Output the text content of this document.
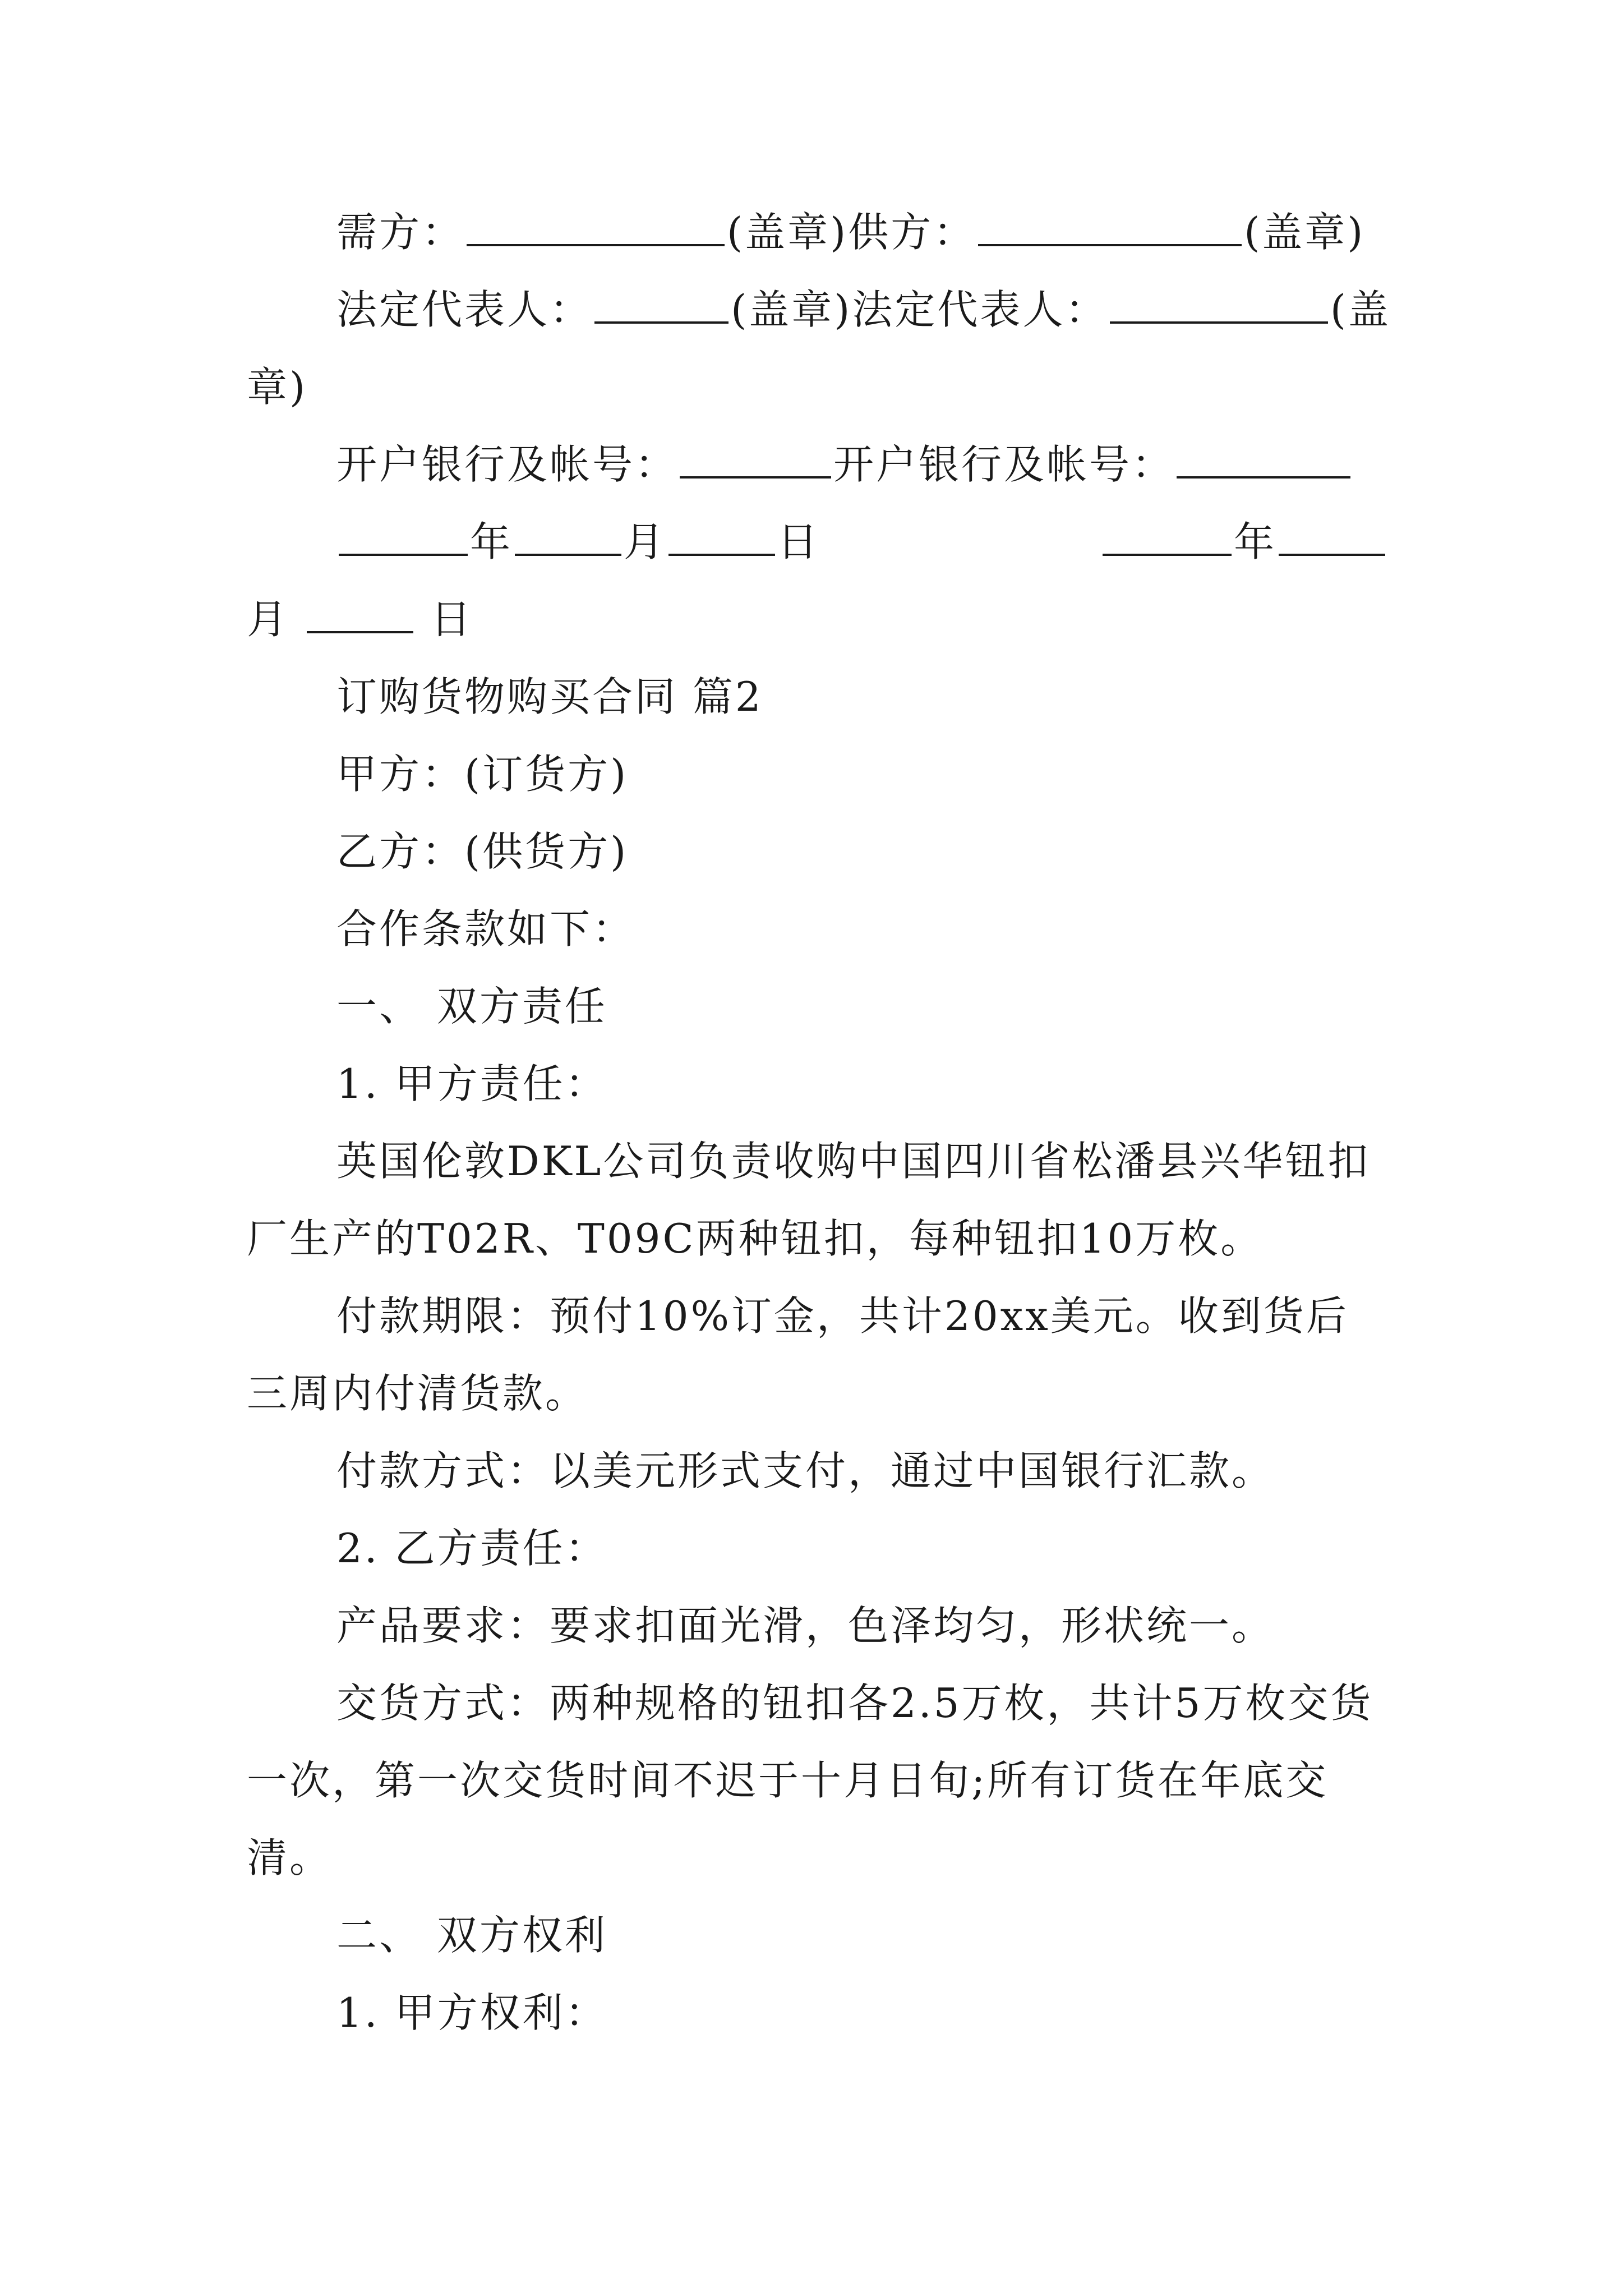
需方：	(盖章) 供方：	(盖章)
法定代表人：	(盖章) 法定代表人：	(盖
章)
开户银行及帐号：	开户银行及帐号：
年	月	日	年
月	日

订购货物购买合同 篇2

甲方：(订货方)

乙方：(供货方)

合作条款如下：

一、 双方责任

1. 甲方责任：

英国伦敦DKL公司负责收购中国四川省松潘县兴华钮扣厂生产的T02R、T09C两种钮扣，每种钮扣10万枚。

付款期限：预付10%订金，共计20xx美元。收到货后三周内付清货款。

付款方式：以美元形式支付，通过中国银行汇款。

2. 乙方责任：

产品要求：要求扣面光滑，色泽均匀，形状统一。

交货方式：两种规格的钮扣各2.5万枚，共计5万枚交货一次，第一次交货时间不迟于十月日旬;所有订货在年底交清。

二、 双方权利

1. 甲方权利：
